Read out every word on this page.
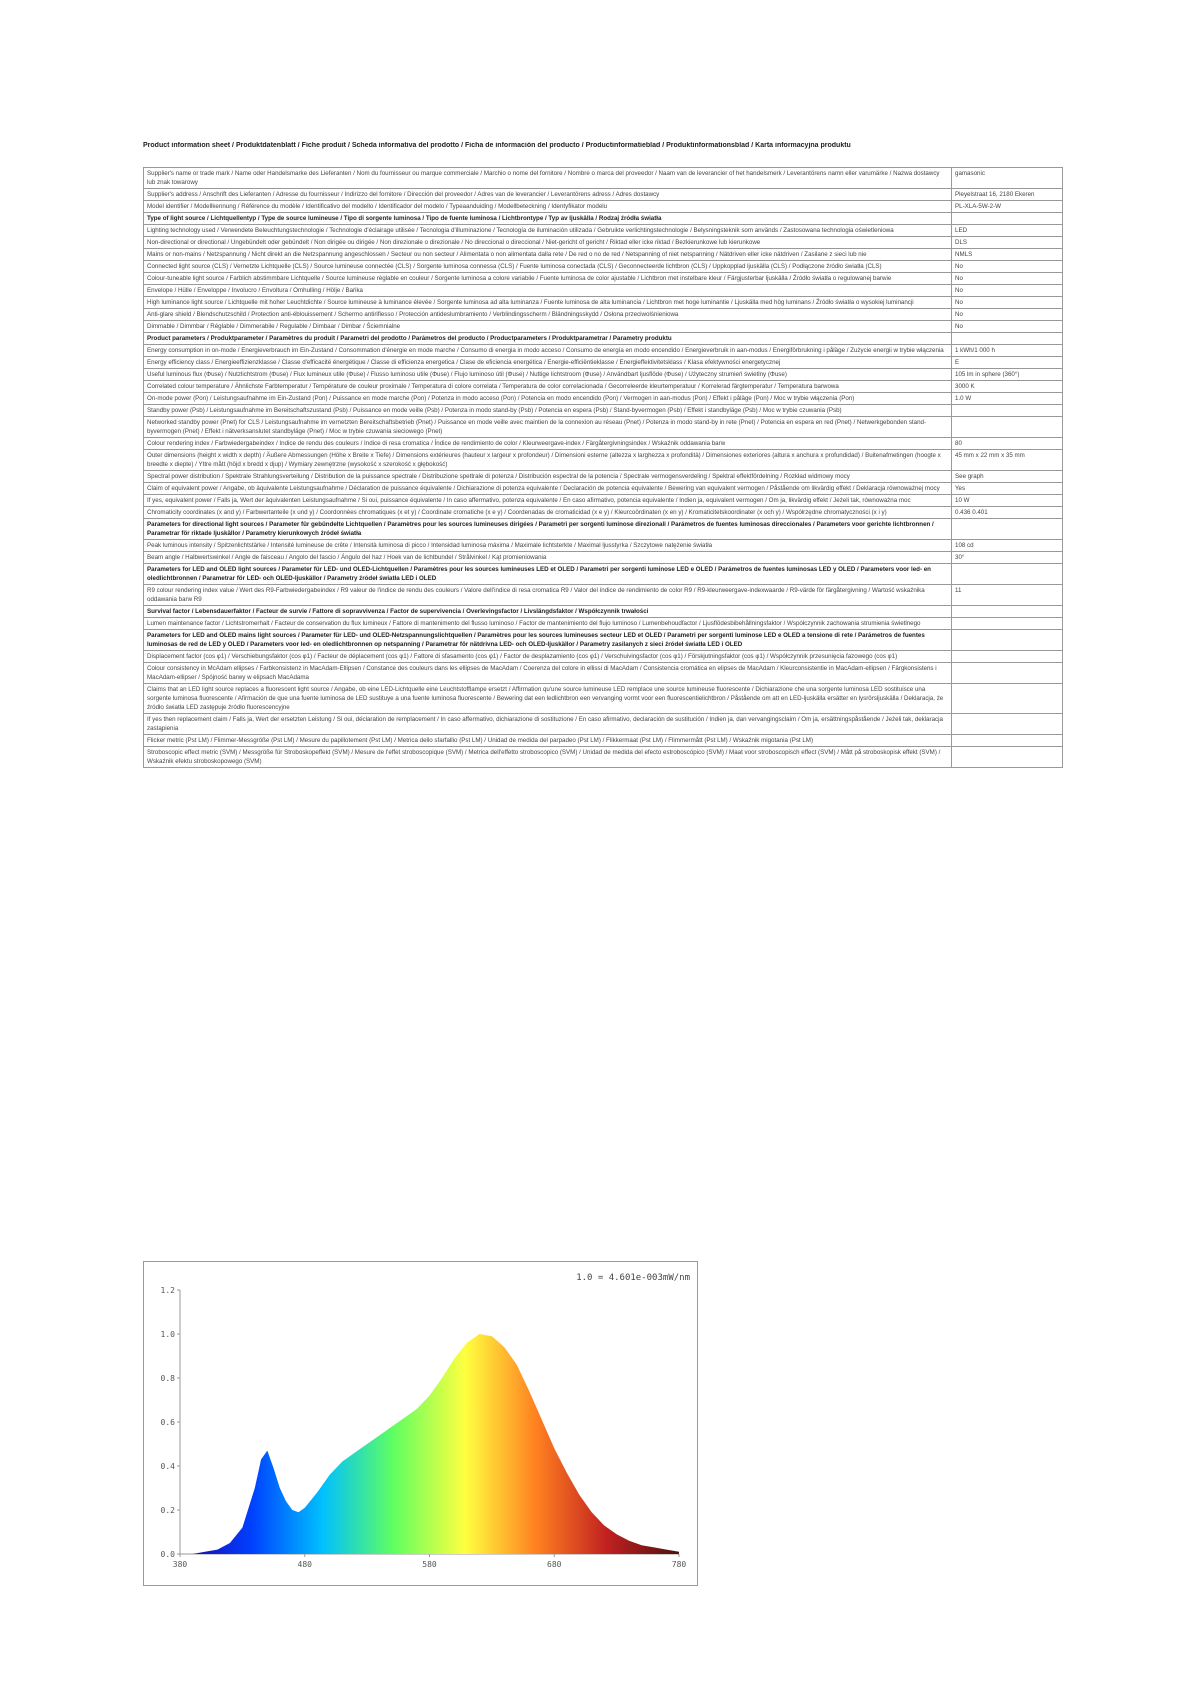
Product information sheet / Produktdatenblatt / Fiche produit / Scheda informativa del prodotto / Ficha de información del producto / Productinformatieblad / Produktinformationsblad / Karta informacyjna produktu
Supplier's name or trade mark / Name oder Handelsmarke des Lieferanten / Nom du fournisseur ou marque commerciale / Marchio o nome del fornitore / Nombre o marca del proveedor / Naam van de leverancier of het handelsmerk / Leverantörens namn eller varumärke / Nazwa dostawcy lub znak towarowy	gamasonic
Supplier's address / Anschrift des Lieferanten / Adresse du fournisseur / Indirizzo del fornitore / Dirección del proveedor / Adres van de leverancier / Leverantörens adress / Adres dostawcy	Pleyelstraat 16, 2180 Ekeren
Model identifier / Modellkennung / Référence du modèle / Identificativo del modello / Identificador del modelo / Typeaanduiding / Modellbeteckning / Identyfikator modelu	PL-XLA-5W-2-W
Type of light source / Lichtquellentyp / Type de source lumineuse / Tipo di sorgente luminosa / Tipo de fuente luminosa / Lichtbrontype / Typ av ljuskälla / Rodzaj źródła światła	
Lighting technology used / Verwendete Beleuchtungstechnologie / Technologie d'éclairage utilisée / Tecnologia d'illuminazione / Tecnología de iluminación utilizada / Gebruikte verlichtingstechnologie / Belysningsteknik som används / Zastosowana technologia oświetleniowa	LED
Non-directional or directional / Ungebündelt oder gebündelt / Non dirigée ou dirigée / Non direzionale o direzionale / No direccional o direccional / Niet-gericht of gericht / Riktad eller icke riktad / Bezkierunkowe lub kierunkowe	DLS
Mains or non-mains / Netzspannung / Nicht direkt an die Netzspannung angeschlossen / Secteur ou non secteur / Alimentata o non alimentata dalla rete / De red o no de red / Netspanning of niet netspanning / Nätdriven eller icke nätdriven / Zasilane z sieci lub nie	NMLS
Connected light source (CLS) / Vernetzte Lichtquelle (CLS) / Source lumineuse connectée (CLS) / Sorgente luminosa connessa (CLS) / Fuente luminosa conectada (CLS) / Geconnecteerde lichtbron (CLS) / Uppkopplad ljuskälla (CLS) / Podłączone źródło światła (CLS)	No
Colour-tuneable light source / Farblich abstimmbare Lichtquelle / Source lumineuse réglable en couleur / Sorgente luminosa a colore variabile / Fuente luminosa de color ajustable / Lichtbron met instelbare kleur / Färgjusterbar ljuskälla / Źródło światła o regulowanej barwie	No
Envelope / Hülle / Enveloppe / Involucro / Envoltura / Omhulling / Hölje / Bańka	No
High luminance light source / Lichtquelle mit hoher Leuchtdichte / Source lumineuse à luminance élevée / Sorgente luminosa ad alta luminanza / Fuente luminosa de alta luminancia / Lichtbron met hoge luminantie / Ljuskälla med hög luminans / Źródło światła o wysokiej luminancji	No
Anti-glare shield / Blendschutzschild / Protection anti-éblouissement / Schermo antiriflesso / Protección antideslumbramiento / Verblindingsscherm / Bländningsskydd / Osłona przeciwolśnieniowa	No
Dimmable / Dimmbar / Réglable / Dimmerabile / Regulable / Dimbaar / Dimbar / Ściemnialne	No
Product parameters / Produktparameter / Paramètres du produit / Parametri del prodotto / Parámetros del producto / Productparameters / Produktparametrar / Parametry produktu	
Energy consumption in on-mode / Energieverbrauch im Ein-Zustand / Consommation d'énergie en mode marche / Consumo di energia in modo acceso / Consumo de energía en modo encendido / Energieverbruik in aan-modus / Energiförbrukning i påläge / Zużycie energii w trybie włączenia	1 kWh/1 000 h
Energy efficiency class / Energieeffizienzklasse / Classe d'efficacité énergétique / Classe di efficienza energetica / Clase de eficiencia energética / Energie-efficiëntieklasse / Energieffektivitetsklass / Klasa efektywności energetycznej	E
Useful luminous flux (Φuse) / Nutzlichtstrom (Φuse) / Flux lumineux utile (Φuse) / Flusso luminoso utile (Φuse) / Flujo luminoso útil (Φuse) / Nuttige lichtstroom (Φuse) / Användbart ljusflöde (Φuse) / Użyteczny strumień świetlny (Φuse)	105 lm in sphere (360°)
Correlated colour temperature / Ähnlichste Farbtemperatur / Température de couleur proximale / Temperatura di colore correlata / Temperatura de color correlacionada / Gecorreleerde kleurtemperatuur / Korrelerad färgtemperatur / Temperatura barwowa	3000 K
On-mode power (Pon) / Leistungsaufnahme im Ein-Zustand (Pon) / Puissance en mode marche (Pon) / Potenza in modo acceso (Pon) / Potencia en modo encendido (Pon) / Vermogen in aan-modus (Pon) / Effekt i påläge (Pon) / Moc w trybie włączenia (Pon)	1.0 W
Standby power (Psb) / Leistungsaufnahme im Bereitschaftszustand (Psb) / Puissance en mode veille (Psb) / Potenza in modo stand-by (Psb) / Potencia en espera (Psb) / Stand-byvermogen (Psb) / Effekt i standbyläge (Psb) / Moc w trybie czuwania (Psb)	
Networked standby power (Pnet) for CLS / Leistungsaufnahme im vernetzten Bereitschaftsbetrieb (Pnet) / Puissance en mode veille avec maintien de la connexion au réseau (Pnet) / Potenza in modo stand-by in rete (Pnet) / Potencia en espera en red (Pnet) / Netwerkgebonden stand-byvermogen (Pnet) / Effekt i nätverksanslutet standbyläge (Pnet) / Moc w trybie czuwania sieciowego (Pnet)	
Colour rendering index / Farbwiedergabeindex / Indice de rendu des couleurs / Indice di resa cromatica / Índice de rendimiento de color / Kleurweergave-index / Färgåtergivningsindex / Wskaźnik oddawania barw	80
Outer dimensions (height x width x depth) / Äußere Abmessungen (Höhe x Breite x Tiefe) / Dimensions extérieures (hauteur x largeur x profondeur) / Dimensioni esterne (altezza x larghezza x profondità) / Dimensiones exteriores (altura x anchura x profundidad) / Buitenafmetingen (hoogte x breedte x diepte) / Yttre mått (höjd x bredd x djup) / Wymiary zewnętrzne (wysokość x szerokość x głębokość)	45 mm x 22 mm x 35 mm
Spectral power distribution / Spektrale Strahlungsverteilung / Distribution de la puissance spectrale / Distribuzione spettrale di potenza / Distribución espectral de la potencia / Spectrale vermogensverdeling / Spektral effektfördelning / Rozkład widmowy mocy	See graph
Claim of equivalent power / Angabe, ob äquivalente Leistungsaufnahme / Déclaration de puissance équivalente / Dichiarazione di potenza equivalente / Declaración de potencia equivalente / Bewering van equivalent vermogen / Påstående om likvärdig effekt / Deklaracja równoważnej mocy	Yes
If yes, equivalent power / Falls ja, Wert der äquivalenten Leistungsaufnahme / Si oui, puissance équivalente / In caso affermativo, potenza equivalente / En caso afirmativo, potencia equivalente / Indien ja, equivalent vermogen / Om ja, likvärdig effekt / Jeżeli tak, równoważna moc	10 W
Chromaticity coordinates (x and y) / Farbwertanteile (x und y) / Coordonnées chromatiques (x et y) / Coordinate cromatiche (x e y) / Coordenadas de cromaticidad (x e y) / Kleurcoördinaten (x en y) / Kromaticitetskoordinater (x och y) / Współrzędne chromatyczności (x i y)	0.436 0.401
Parameters for directional light sources / Parameter für gebündelte Lichtquellen / Paramètres pour les sources lumineuses dirigées / Parametri per sorgenti luminose direzionali / Parámetros de fuentes luminosas direccionales / Parameters voor gerichte lichtbronnen / Parametrar för riktade ljuskällor / Parametry kierunkowych źródeł światła	
Peak luminous intensity / Spitzenlichtstärke / Intensité lumineuse de crête / Intensità luminosa di picco / Intensidad luminosa máxima / Maximale lichtsterkte / Maximal ljusstyrka / Szczytowe natężenie światła	108 cd
Beam angle / Halbwertswinkel / Angle de faisceau / Angolo del fascio / Ángulo del haz / Hoek van de lichtbundel / Strålvinkel / Kąt promieniowania	30°
Parameters for LED and OLED light sources / Parameter für LED- und OLED-Lichtquellen / Paramètres pour les sources lumineuses LED et OLED / Parametri per sorgenti luminose LED e OLED / Parámetros de fuentes luminosas LED y OLED / Parameters voor led- en oledlichtbronnen / Parametrar för LED- och OLED-ljuskällor / Parametry źródeł światła LED i OLED	
R9 colour rendering index value / Wert des R9-Farbwiedergabeindex / R9 valeur de l'indice de rendu des couleurs / Valore dell'indice di resa cromatica R9 / Valor del índice de rendimiento de color R9 / R9-kleurweergave-indexwaarde / R9-värde för färgåtergivning / Wartość wskaźnika oddawania barw R9	11
Survival factor / Lebensdauerfaktor / Facteur de survie / Fattore di sopravvivenza / Factor de supervivencia / Overlevingsfactor / Livslängdsfaktor / Współczynnik trwałości	
Lumen maintenance factor / Lichtstromerhalt / Facteur de conservation du flux lumineux / Fattore di mantenimento del flusso luminoso / Factor de mantenimiento del flujo luminoso / Lumenbehoudfactor / Ljusflödesbibehållningsfaktor / Współczynnik zachowania strumienia świetlnego	
Parameters for LED and OLED mains light sources / Parameter für LED- und OLED-Netzspannungslichtquellen / Paramètres pour les sources lumineuses secteur LED et OLED / Parametri per sorgenti luminose LED e OLED a tensione di rete / Parámetros de fuentes luminosas de red de LED y OLED / Parameters voor led- en oledlichtbronnen op netspanning / Parametrar för nätdrivna LED- och OLED-ljuskällor / Parametry zasilanych z sieci źródeł światła LED i OLED	
Displacement factor (cos φ1) / Verschiebungsfaktor (cos φ1) / Facteur de déplacement (cos φ1) / Fattore di sfasamento (cos φ1) / Factor de desplazamiento (cos φ1) / Verschuivingsfactor (cos φ1) / Förskjutningsfaktor (cos φ1) / Współczynnik przesunięcia fazowego (cos φ1)	
Colour consistency in McAdam ellipses / Farbkonsistenz in MacAdam-Ellipsen / Constance des couleurs dans les ellipses de MacAdam / Coerenza del colore in ellissi di MacAdam / Consistencia cromática en elipses de MacAdam / Kleurconsistentie in MacAdam-ellipsen / Färgkonsistens i MacAdam-ellipser / Spójność barwy w elipsach MacAdama	
Claims that an LED light source replaces a fluorescent light source / Angabe, ob eine LED-Lichtquelle eine Leuchtstofflampe ersetzt / Affirmation qu'une source lumineuse LED remplace une source lumineuse fluorescente / Dichiarazione che una sorgente luminosa LED sostituisce una sorgente luminosa fluorescente / Afirmación de que una fuente luminosa de LED sustituye a una fuente luminosa fluorescente / Bewering dat een ledlichtbron een vervanging vormt voor een fluorescentielichtbron / Påstående om att en LED-ljuskälla ersätter en lysrörsljuskälla / Deklaracja, że źródło światła LED zastępuje źródło fluorescencyjne	
If yes then replacement claim / Falls ja, Wert der ersetzten Leistung / Si oui, déclaration de remplacement / In caso affermativo, dichiarazione di sostituzione / En caso afirmativo, declaración de sustitución / Indien ja, dan vervangingsclaim / Om ja, ersättningspåstående / Jeżeli tak, deklaracja zastąpienia	
Flicker metric (Pst LM) / Flimmer-Messgröße (Pst LM) / Mesure du papillotement (Pst LM) / Metrica dello sfarfallio (Pst LM) / Unidad de medida del parpadeo (Pst LM) / Flikkermaat (Pst LM) / Flimmermått (Pst LM) / Wskaźnik migotania (Pst LM)	
Stroboscopic effect metric (SVM) / Messgröße für Stroboskopeffekt (SVM) / Mesure de l'effet stroboscopique (SVM) / Metrica dell'effetto stroboscopico (SVM) / Unidad de medida del efecto estroboscópico (SVM) / Maat voor stroboscopisch effect (SVM) / Mått på stroboskopisk effekt (SVM) / Wskaźnik efektu stroboskopowego (SVM)	
1.0 = 4.601e-003mW/nm
0.0
0.2
0.4
0.6
0.8
1.0
1.2
380	480	580	680	780
